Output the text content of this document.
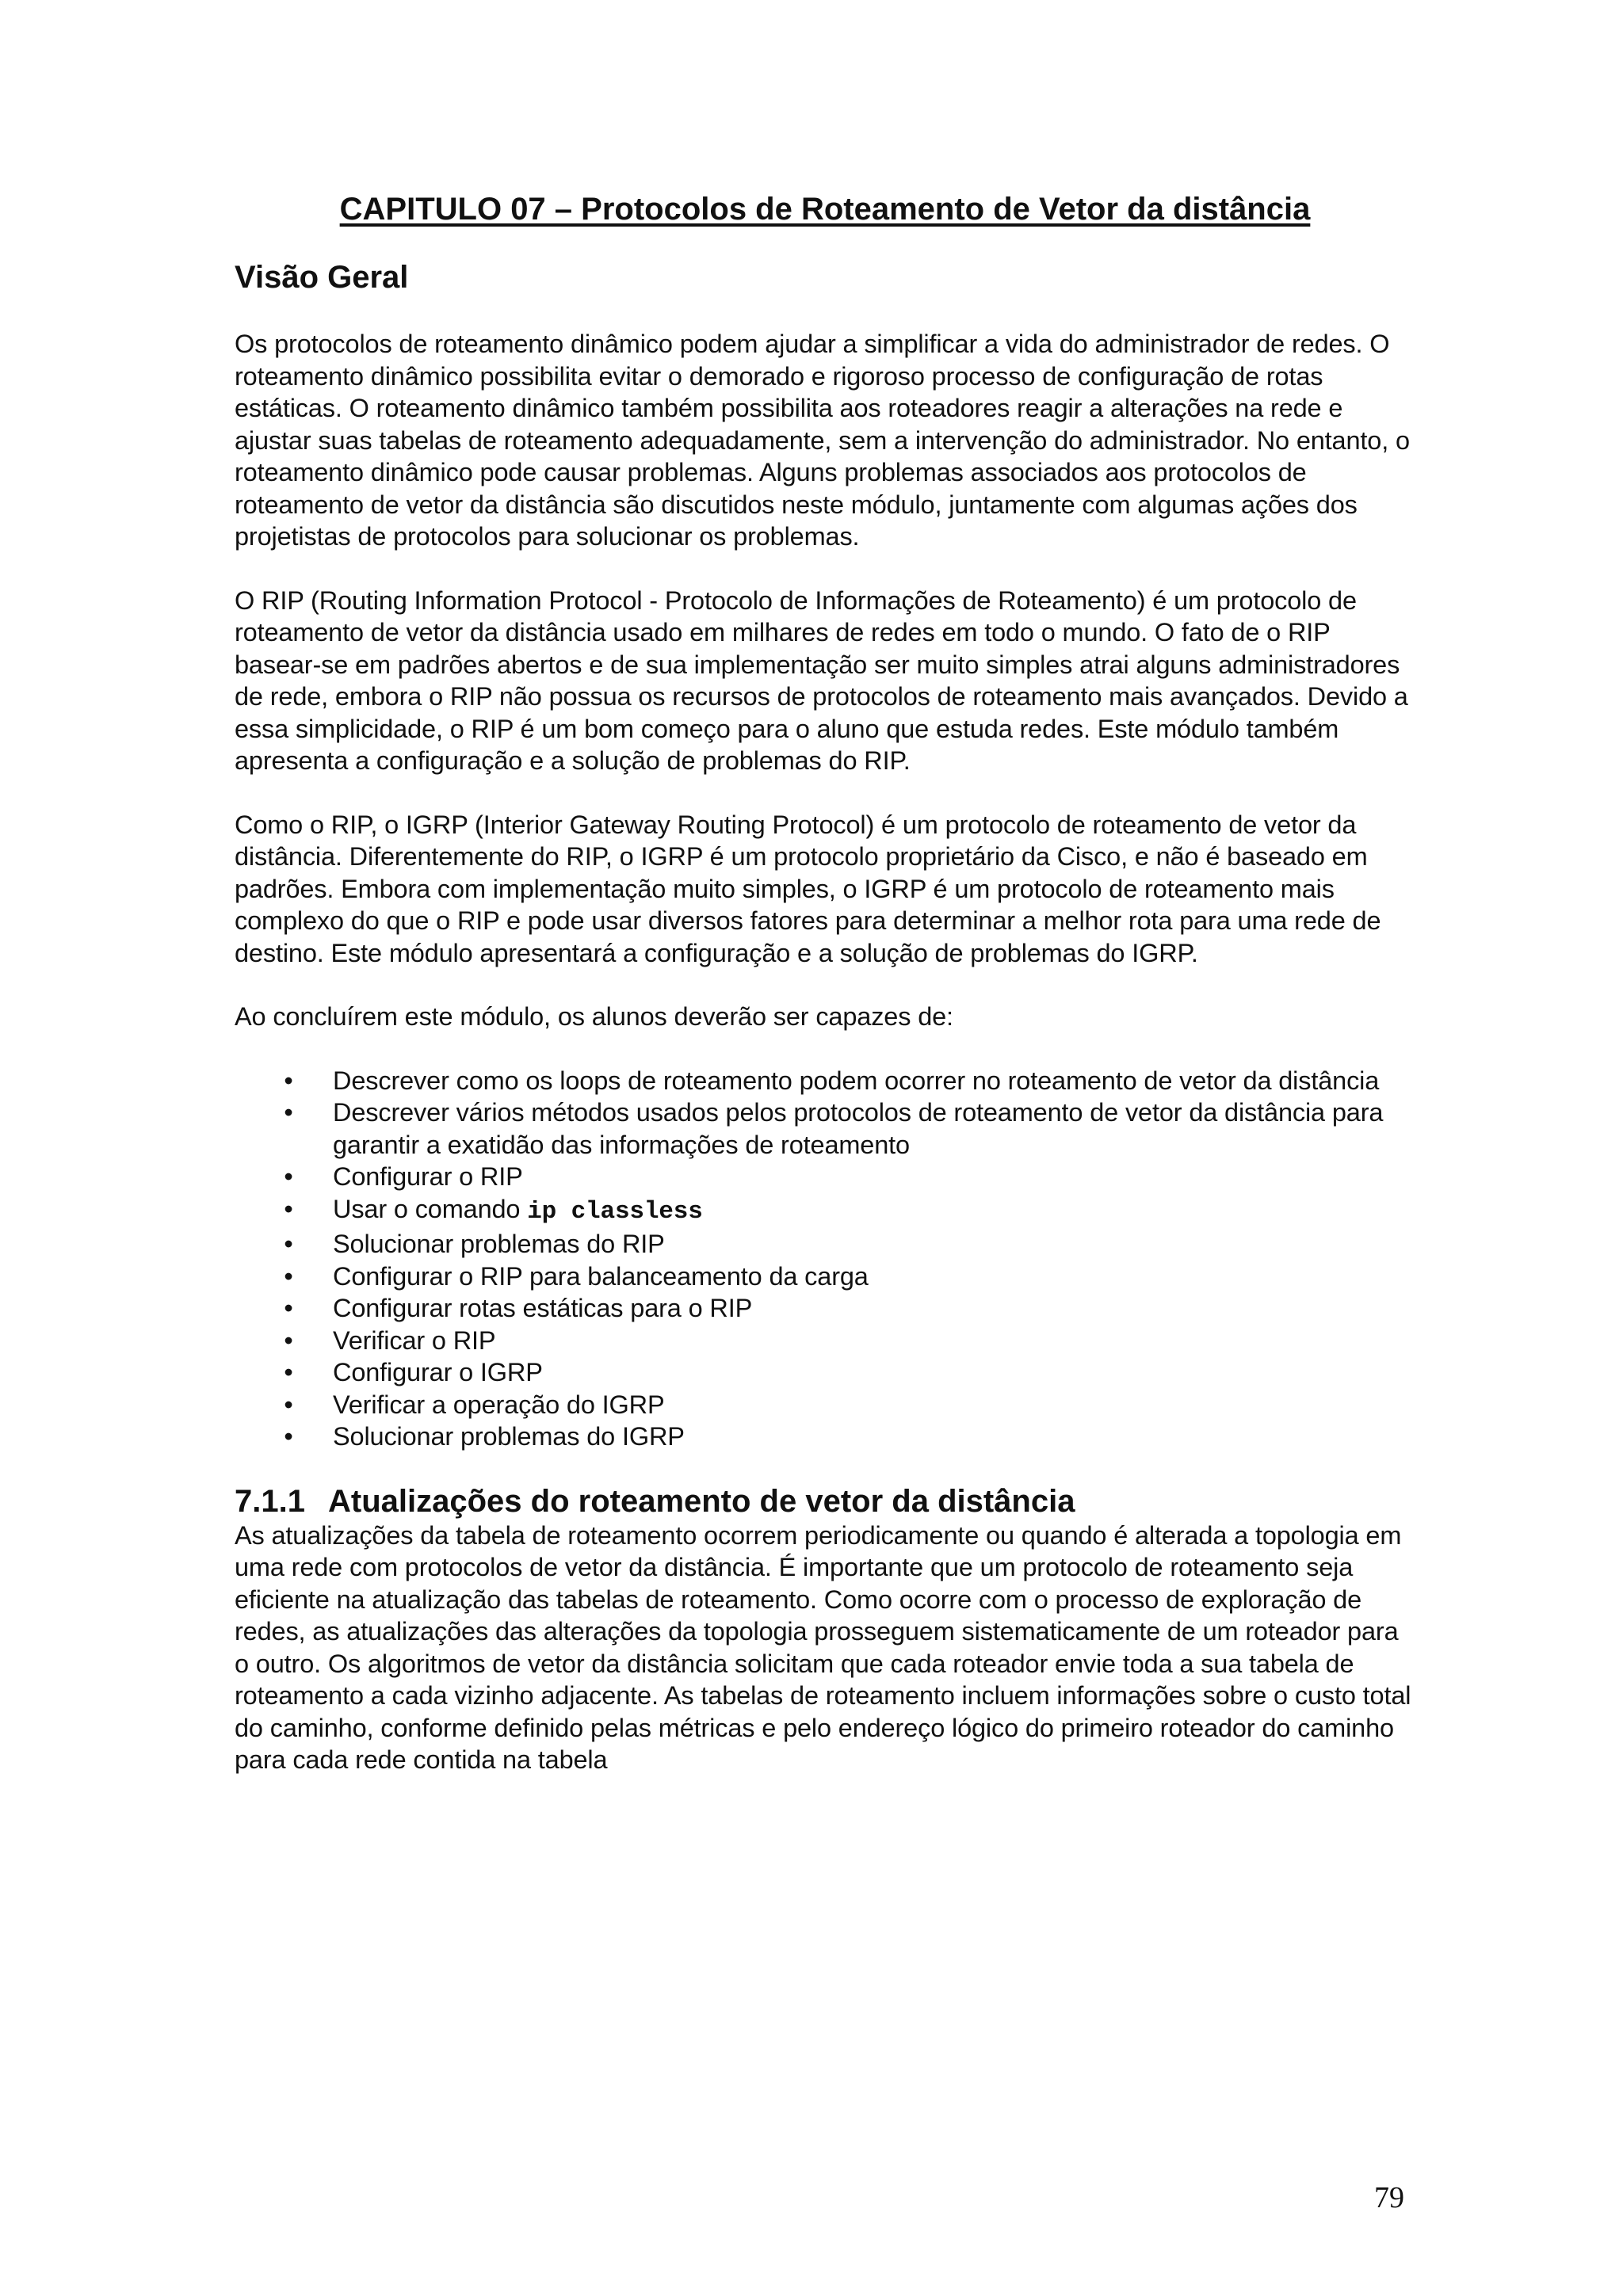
CAPITULO 07 – Protocolos de Roteamento de Vetor da distância
Visão Geral

Os protocolos de roteamento dinâmico podem ajudar a simplificar a vida do administrador de redes. O roteamento dinâmico possibilita evitar o demorado e rigoroso processo de configuração de rotas estáticas. O roteamento dinâmico também possibilita aos roteadores reagir a alterações na rede e ajustar suas tabelas de roteamento adequadamente, sem a intervenção do administrador. No entanto, o roteamento dinâmico pode causar problemas. Alguns problemas associados aos protocolos de roteamento de vetor da distância são discutidos neste módulo, juntamente com algumas ações dos projetistas de protocolos para solucionar os problemas.

O RIP (Routing Information Protocol - Protocolo de Informações de Roteamento) é um protocolo de roteamento de vetor da distância usado em milhares de redes em todo o mundo. O fato de o RIP basear-se em padrões abertos e de sua implementação ser muito simples atrai alguns administradores de rede, embora o RIP não possua os recursos de protocolos de roteamento mais avançados. Devido a essa simplicidade, o RIP é um bom começo para o aluno que estuda redes. Este módulo também apresenta a configuração e a solução de problemas do RIP.

Como o RIP, o IGRP (Interior Gateway Routing Protocol) é um protocolo de roteamento de vetor da distância. Diferentemente do RIP, o IGRP é um protocolo proprietário da Cisco, e não é baseado em padrões. Embora com implementação muito simples, o IGRP é um protocolo de roteamento mais complexo do que o RIP e pode usar diversos fatores para determinar a melhor rota para uma rede de destino. Este módulo apresentará a configuração e a solução de problemas do IGRP.

Ao concluírem este módulo, os alunos deverão ser capazes de:

• Descrever como os loops de roteamento podem ocorrer no roteamento de vetor da distância
• Descrever vários métodos usados pelos protocolos de roteamento de vetor da distância para garantir a exatidão das informações de roteamento
• Configurar o RIP
• Usar o comando ip classless
• Solucionar problemas do RIP
• Configurar o RIP para balanceamento da carga
• Configurar rotas estáticas para o RIP
• Verificar o RIP
• Configurar o IGRP
• Verificar a operação do IGRP
• Solucionar problemas do IGRP
7.1.1 Atualizações do roteamento de vetor da distância

As atualizações da tabela de roteamento ocorrem periodicamente ou quando é alterada a topologia em uma rede com protocolos de vetor da distância. É importante que um protocolo de roteamento seja eficiente na atualização das tabelas de roteamento. Como ocorre com o processo de exploração de redes, as atualizações das alterações da topologia prosseguem sistematicamente de um roteador para o outro. Os algoritmos de vetor da distância solicitam que cada roteador envie toda a sua tabela de roteamento a cada vizinho adjacente. As tabelas de roteamento incluem informações sobre o custo total do caminho, conforme definido pelas métricas e pelo endereço lógico do primeiro roteador do caminho para cada rede contida na tabela

79
